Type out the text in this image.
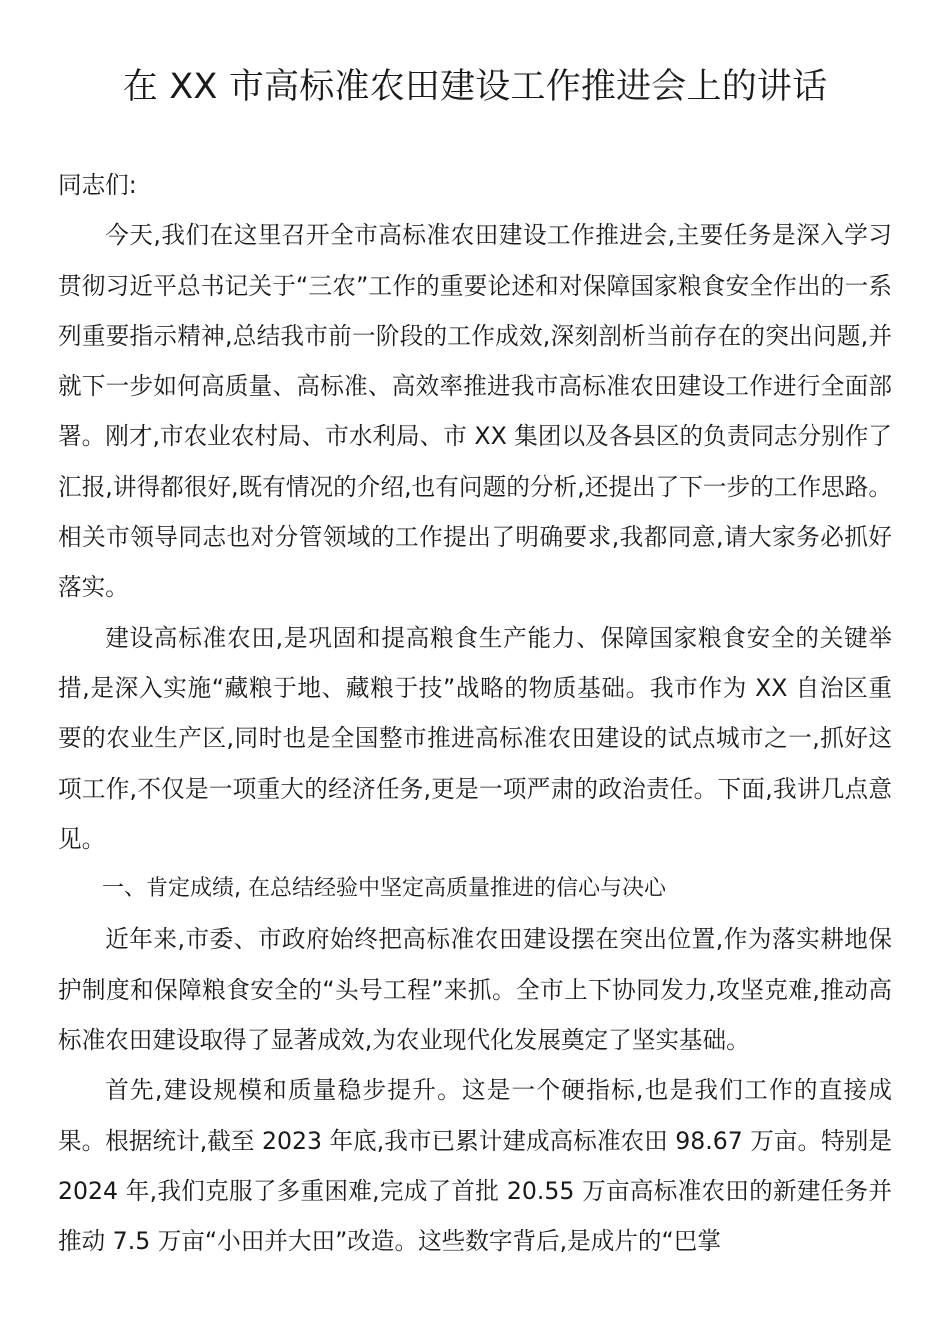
在 XX 市高标准农田建设工作推进会上的讲话

同志们:

今天,我们在这里召开全市高标准农田建设工作推进会,主要任务是深入学习贯彻习近平总书记关于“三农”工作的重要论述和对保障国家粮食安全作出的一系列重要指示精神,总结我市前一阶段的工作成效,深刻剖析当前存在的突出问题,并就下一步如何高质量、高标准、高效率推进我市高标准农田建设工作进行全面部署。刚才,市农业农村局、市水利局、市 XX 集团以及各县区的负责同志分别作了汇报,讲得都很好,既有情况的介绍,也有问题的分析,还提出了下一步的工作思路。相关市领导同志也对分管领域的工作提出了明确要求,我都同意,请大家务必抓好落实。

建设高标准农田,是巩固和提高粮食生产能力、保障国家粮食安全的关键举措,是深入实施“藏粮于地、藏粮于技”战略的物质基础。我市作为 XX 自治区重要的农业生产区,同时也是全国整市推进高标准农田建设的试点城市之一,抓好这项工作,不仅是一项重大的经济任务,更是一项严肃的政治责任。下面,我讲几点意见。

一、肯定成绩, 在总结经验中坚定高质量推进的信心与决心

近年来,市委、市政府始终把高标准农田建设摆在突出位置,作为落实耕地保护制度和保障粮食安全的“头号工程”来抓。全市上下协同发力,攻坚克难,推动高标准农田建设取得了显著成效,为农业现代化发展奠定了坚实基础。

首先,建设规模和质量稳步提升。这是一个硬指标,也是我们工作的直接成果。根据统计,截至 2023 年底,我市已累计建成高标准农田 98.67 万亩。特别是 2024 年,我们克服了多重困难,完成了首批 20.55 万亩高标准农田的新建任务并推动 7.5 万亩“小田并大田”改造。这些数字背后,是成片的“巴掌
